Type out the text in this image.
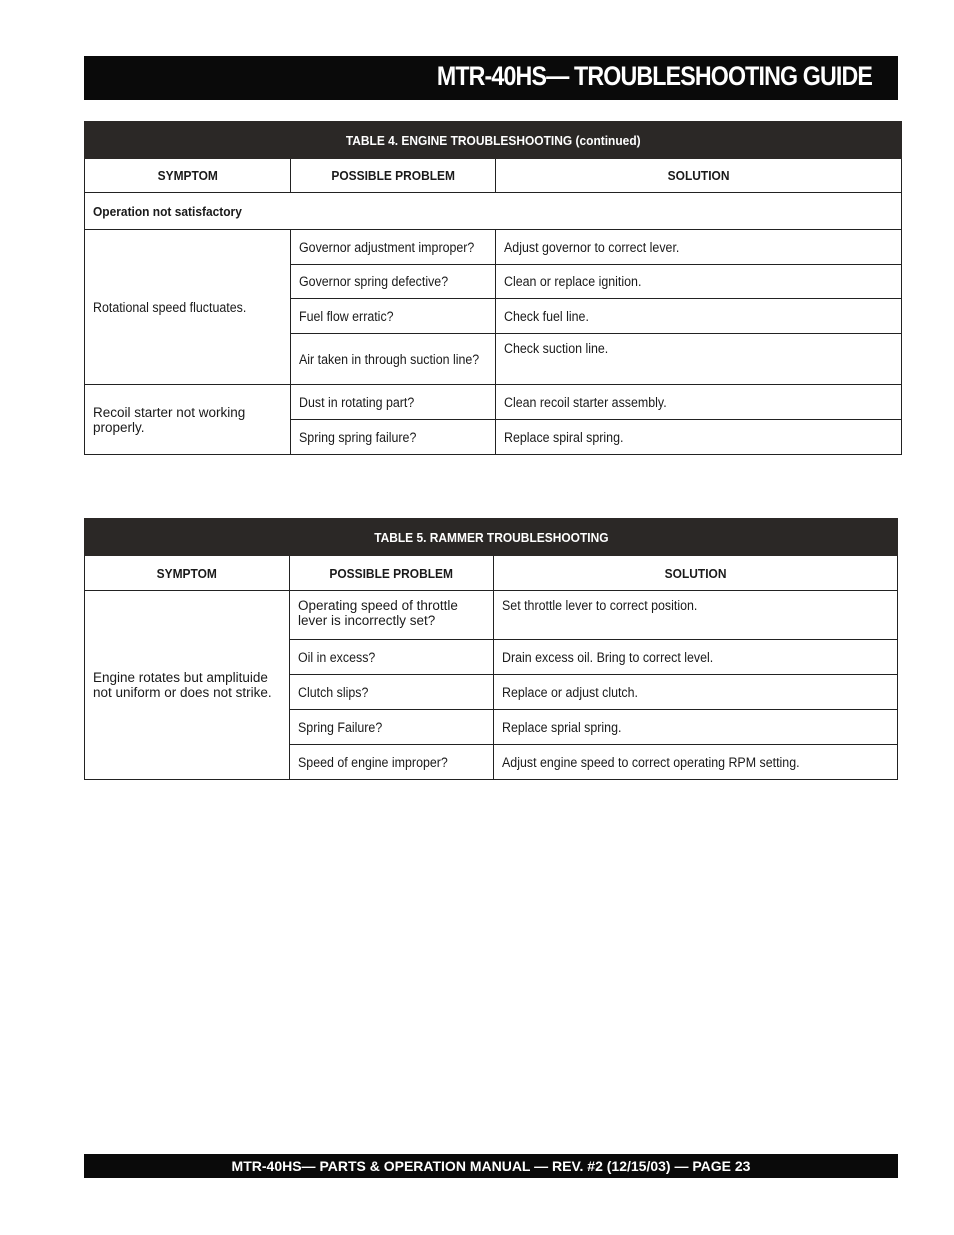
MTR-40HS— TROUBLESHOOTING GUIDE
TABLE 4. ENGINE TROUBLESHOOTING (continued)		
SYMPTOM	POSSIBLE PROBLEM	SOLUTION
Operation not satisfactory		
Rotational speed fluctuates.	Governor adjustment improper?	Adjust governor to correct lever.
	Governor spring defective?	Clean or replace ignition.
	Fuel flow erratic?	Check fuel line.
	Air taken in through suction line?	Check suction line.

Recoil starter not working properly.	Dust in rotating part?	Clean recoil starter assembly.
	Spring spring failure?	Replace spiral spring.
TABLE 5. RAMMER TROUBLESHOOTING		
SYMPTOM	POSSIBLE PROBLEM	SOLUTION

Engine rotates but amplituide not uniform or does not strike.	Operating speed of throttle lever is incorrectly set?	Set throttle lever to correct position.
	Oil in excess?	Drain excess oil. Bring to correct level.
	Clutch slips?	Replace or adjust clutch.
	Spring Failure?	Replace sprial spring.
	Speed of engine improper?	Adjust engine speed to correct operating RPM setting.
MTR-40HS— PARTS & OPERATION MANUAL — REV. #2 (12/15/03) — PAGE 23
